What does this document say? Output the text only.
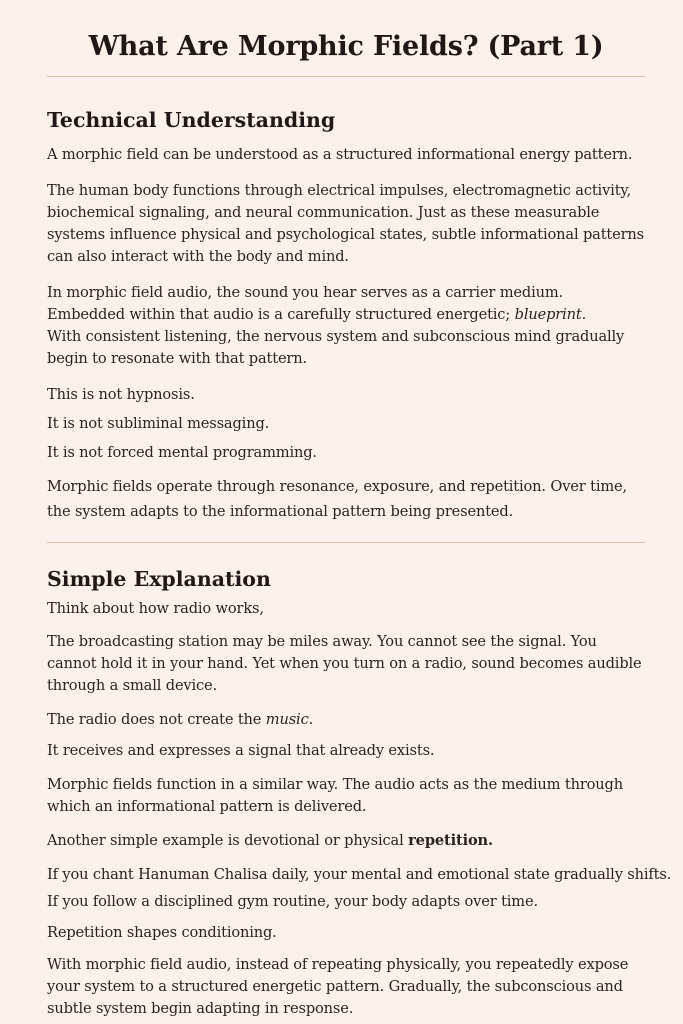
What Are Morphic Fields? (Part 1)
Technical Understanding

A morphic field can be understood as a structured informational energy pattern.

The human body functions through electrical impulses, electromagnetic activity, biochemical signaling, and neural communication. Just as these measurable systems influence physical and psychological states, subtle informational patterns can also interact with the body and mind.

In morphic field audio, the sound you hear serves as a carrier medium.

Embedded within that audio is a carefully structured energetic; blueprint.

With consistent listening, the nervous system and subconscious mind gradually begin to resonate with that pattern.

This is not hypnosis.

It is not subliminal messaging.

It is not forced mental programming.

Morphic fields operate through resonance, exposure, and repetition. Over time, the system adapts to the informational pattern being presented.

Simple Explanation

Think about how radio works,

The broadcasting station may be miles away. You cannot see the signal. You cannot hold it in your hand. Yet when you turn on a radio, sound becomes audible through a small device.

The radio does not create the music.

It receives and expresses a signal that already exists.

Morphic fields function in a similar way. The audio acts as the medium through which an informational pattern is delivered.

Another simple example is devotional or physical repetition.

If you chant Hanuman Chalisa daily, your mental and emotional state gradually shifts.

If you follow a disciplined gym routine, your body adapts over time.

Repetition shapes conditioning.

With morphic field audio, instead of repeating physically, you repeatedly expose your system to a structured energetic pattern. Gradually, the subconscious and subtle system begin adapting in response.
